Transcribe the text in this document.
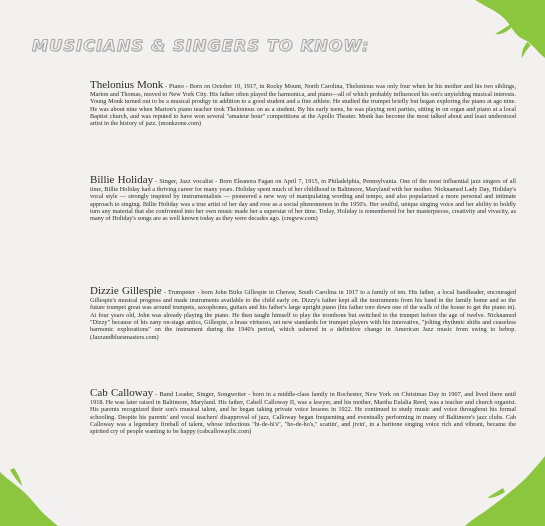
MUSICIANS & SINGERS TO KNOW:
Thelonius Monk - Piano - Born on October 10, 1917, in Rocky Mount, North Carolina, Thelonious was only four when he his mother and his two siblings, Marion and Thomas, moved to New York City. His father often played the harmonica, and piano—all of which probably influenced his son's unyielding musical interests. Young Monk turned out to be a musical prodigy in addition to a good student and a fine athlete. He studied the trumpet briefly but began exploring the piano at age nine. He was about nine when Marion's piano teacher took Thelonious on as a student. By his early teens, he was playing rent parties, sitting in on organ and piano at a local Baptist church, and was reputed to have won several "amateur hour" competitions at the Apollo Theater. Monk has become the most talked about and least understood artist in the history of jazz. (monkzone.com)
Billie Holiday - Singer, Jazz vocalist - Born Eleanora Fagan on April 7, 1915, in Philadelphia, Pennsylvania. One of the most influential jazz singers of all time, Billie Holiday had a thriving career for many years. Holiday spent much of her childhood in Baltimore, Maryland with her mother. Nicknamed Lady Day, Holiday's vocal style — strongly inspired by instrumentalists — pioneered a new way of manipulating wording and tempo, and also popularized a more personal and intimate approach to singing. Billie Holiday was a true artist of her day and rose as a social phenomenon in the 1950's. Her soulful, unique singing voice and her ability to boldly turn any material that she confronted into her own music made her a superstar of her time. Today, Holiday is remembered for her masterpieces, creativity and vivacity, as many of Holiday's songs are as well known today as they were decades ago. (cmgww.com)
Dizzie Gillespie - Trumpeter - born John Birks Gillespie in Cheraw, South Carolina in 1917 to a family of ten. His father, a local bandleader, encouraged Gillespie's musical progress and made instruments available to the child early on. Dizzy's father kept all the instruments from his band in the family home and so the future trumpet great was around trumpets, saxophones, guitars and his father's large upright piano (his father tore down one of the walls of the house to get the piano in). At four years old, John was already playing the piano. He then taught himself to play the trombone but switched to the trumpet before the age of twelve. Nicknamed "Dizzy" because of his zany on-stage antics, Gillespie, a brass virtuoso, set new standards for trumpet players with his innovative, "jolting rhythmic shifts and ceaseless harmonic explorations" on the instrument during the 1940's period, which ushered in a definitive change in American Jazz music from swing to bebop. (Jazzandbluesmasters.com)
Cab Calloway - Band Leader, Singer, Songwriter - born in a middle-class family in Rochester, New York on Christmas Day in 1907, and lived there until 1918. He was later raised in Baltimore, Maryland. His father, Cabell Calloway II, was a lawyer, and his mother, Martha Eulalia Reed, was a teacher and church organist. His parents recognized their son's musical talent, and he began taking private voice lessons in 1922. He continued to study music and voice throughout his formal schooling. Despite his parents' and vocal teachers' disapproval of jazz, Calloway began frequenting and eventually performing in many of Baltimore's jazz clubs. Cab Calloway was a legendary fireball of talent, whose infectious "hi-de-hi's", "ho-de-ho's," scattin', and jivin', in a baritone singing voice rich and vibrant, became the spirited cry of people wanting to be happy (cabcallowaylic.com)
